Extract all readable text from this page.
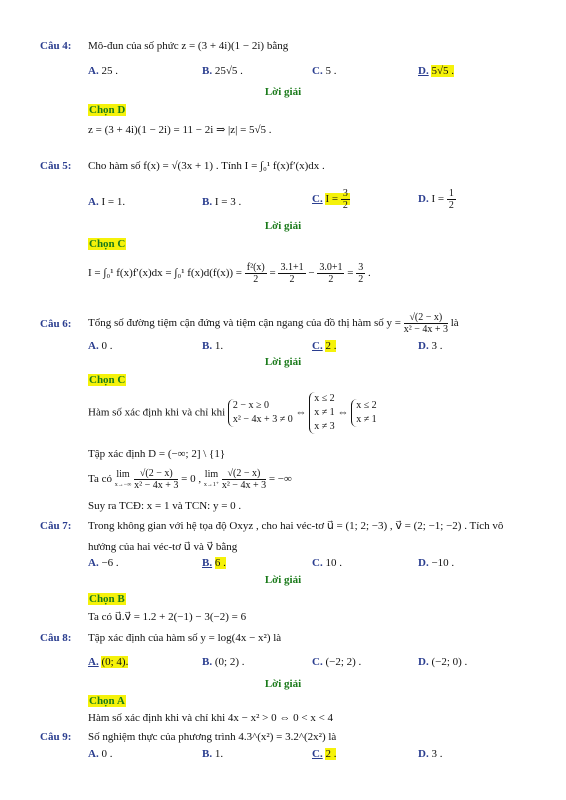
Câu 4: Mô-đun của số phức z = (3 + 4i)(1 − 2i) bằng
A. 25 .	B. 25√5 .	C. 5 .	D. 5√5 .
Lời giải
Chọn D
z = (3 + 4i)(1 − 2i) = 11 − 2i ⇒ |z| = 5√5 .
Câu 5: Cho hàm số f(x) = √(3x + 1) . Tính I = ∫₀¹ f(x)f′(x)dx .
A. I = 1.	B. I = 3 .	C. $I = \frac{3}{2}$	D. $I = \frac{1}{2}$
Lời giải
Chọn C
I = ∫₀¹ f(x)f′(x)dx = ∫₀¹ $f(x)d(f(x)) = \frac{\text{f²(x)}}{2} = \frac{3.1+1}{2} - \frac{3.0+1}{2} = \frac{3}{2}$ .
Câu 6: Tổng số đường tiệm cận đứng và tiệm cận ngang của đồ thị hàm số $y = \frac{√(2 - x)}{\text{x² − 4x + 3}}$ là
A. 0 .	B. 1.	C. 2 .	D. 3 .
Lời giải
Chọn C
Hàm số xác định khi và chỉ khi
2 − x ≥ 0
x² − 4x + 3 ≠ 0
⇔
x ≤ 2
x ≠ 1
x ≠ 3
⇔
x ≤ 2
x ≠ 1
Tập xác định D = (−∞; 2] \ {1}
Ta có lim
x→−∞
$\frac{√(2 - x)}{\text{x² − 4x + 3}} = 0$ , lim
x→1⁺
$\frac{√(2 - x)}{\text{x² − 4x + 3}}$ = −∞
Suy ra TCĐ: x = 1 và TCN: y = 0 .
Câu 7: Trong không gian với hệ tọa độ Oxyz , cho hai véc-tơ u⃗ = (1; 2; −3) , v⃗ = (2; −1; −2) . Tích vô
hướng của hai véc-tơ u⃗ và v⃗ bằng
A. −6 .	B. 6 .	C. 10 .	D. −10 .
Lời giải
Chọn B
Ta có u⃗.v⃗ = 1.2 + 2(−1) − 3(−2) = 6
Câu 8: Tập xác định của hàm số y = log(4x − x²) là
A. (0; 4).	B. (0; 2) .	C. (−2; 2) .	D. (−2; 0) .
Lời giải
Chọn A
Hàm số xác định khi và chỉ khi 4x − x² > 0 ⇔ 0 < x < 4
Câu 9: Số nghiệm thực của phương trình 4.3^(x²) = 3.2^(2x²) là
A. 0 .	B. 1.	C. 2 .	D. 3 .
